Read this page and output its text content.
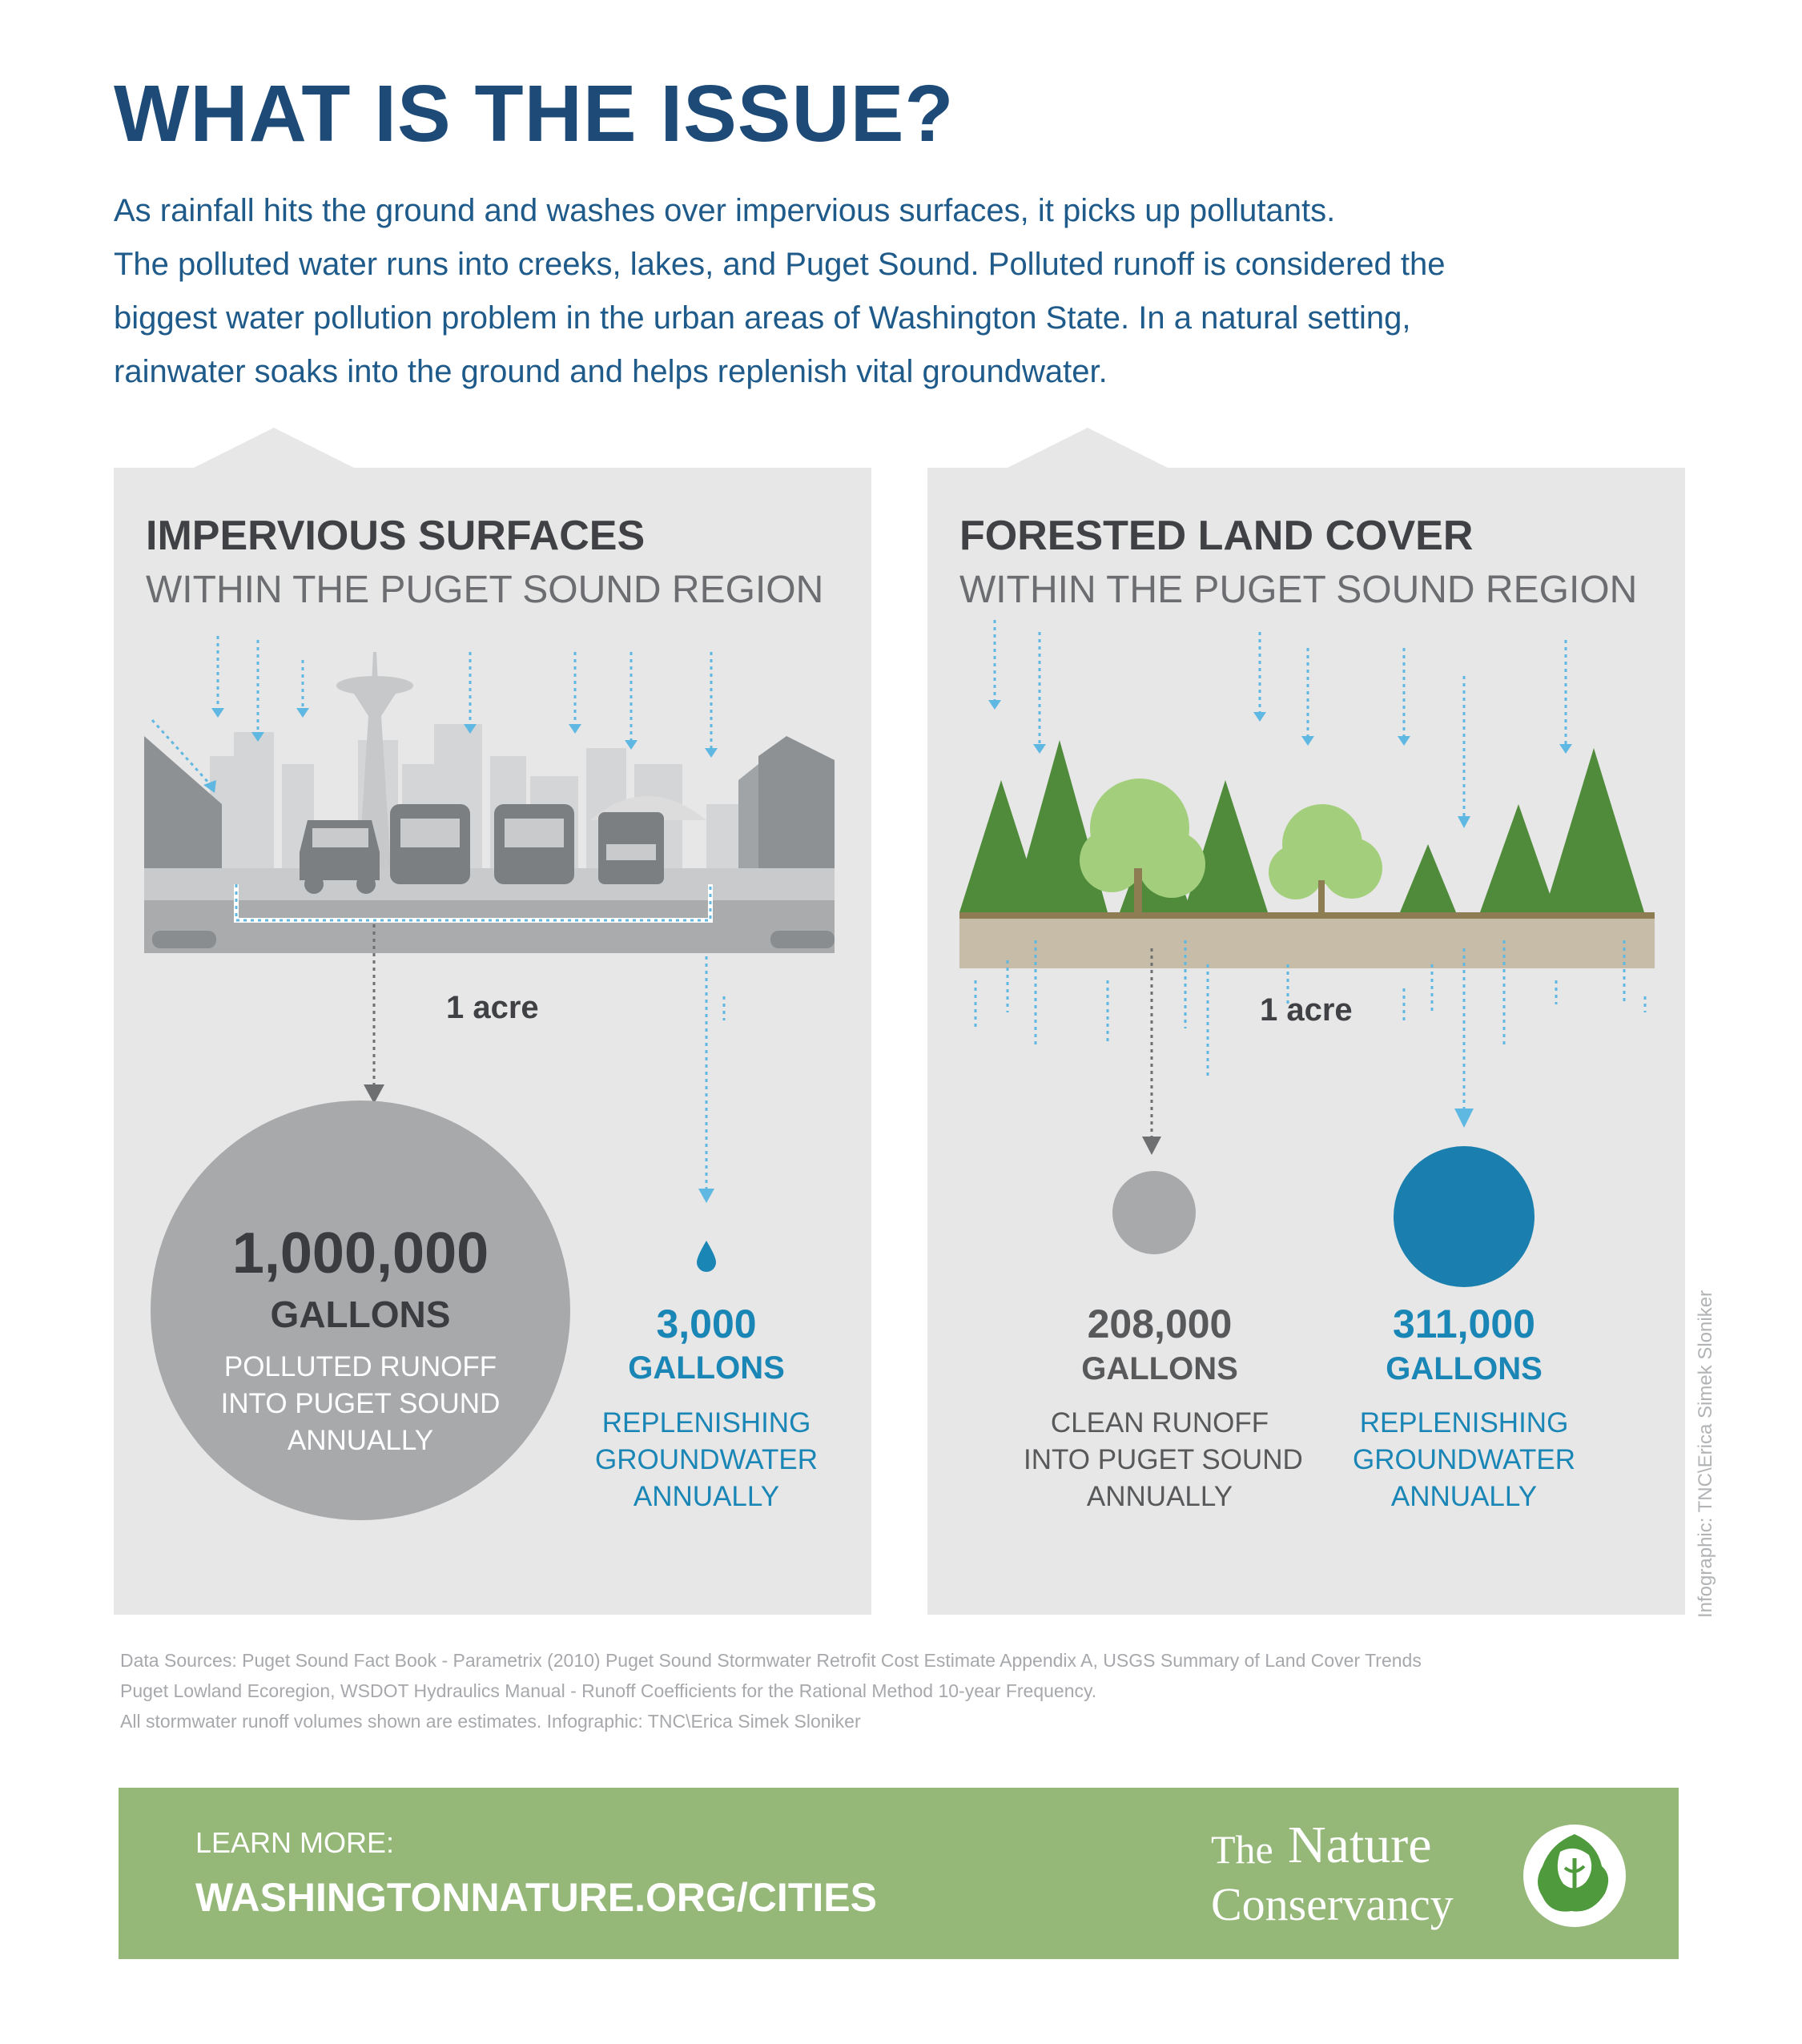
WHAT IS THE ISSUE?
As rainfall hits the ground and washes over impervious surfaces, it picks up pollutants.
The polluted water runs into creeks, lakes, and Puget Sound. Polluted runoff is considered the
biggest water pollution problem in the urban areas of Washington State. In a natural setting,
rainwater soaks into the ground and helps replenish vital groundwater.
IMPERVIOUS SURFACES
WITHIN THE PUGET SOUND REGION
1 acre
1,000,000
GALLONS
POLLUTED RUNOFF
INTO PUGET SOUND
ANNUALLY
3,000
GALLONS
REPLENISHING
GROUNDWATER
ANNUALLY
FORESTED LAND COVER
WITHIN THE PUGET SOUND REGION
1 acre
208,000
GALLONS
CLEAN RUNOFF
INTO PUGET SOUND
ANNUALLY
311,000
GALLONS
REPLENISHING
GROUNDWATER
ANNUALLY	Infographic: TNC\Erica Simek Sloniker
Data Sources: Puget Sound Fact Book - Parametrix (2010) Puget Sound Stormwater Retrofit Cost Estimate Appendix A, USGS Summary of Land Cover Trends
Puget Lowland Ecoregion, WSDOT Hydraulics Manual - Runoff Coefficients for the Rational Method 10-year Frequency.
All stormwater runoff volumes shown are estimates. Infographic: TNC\Erica Simek Sloniker
LEARN MORE:
WASHINGTONNATURE.ORG/CITIES
The Nature
Conservancy
